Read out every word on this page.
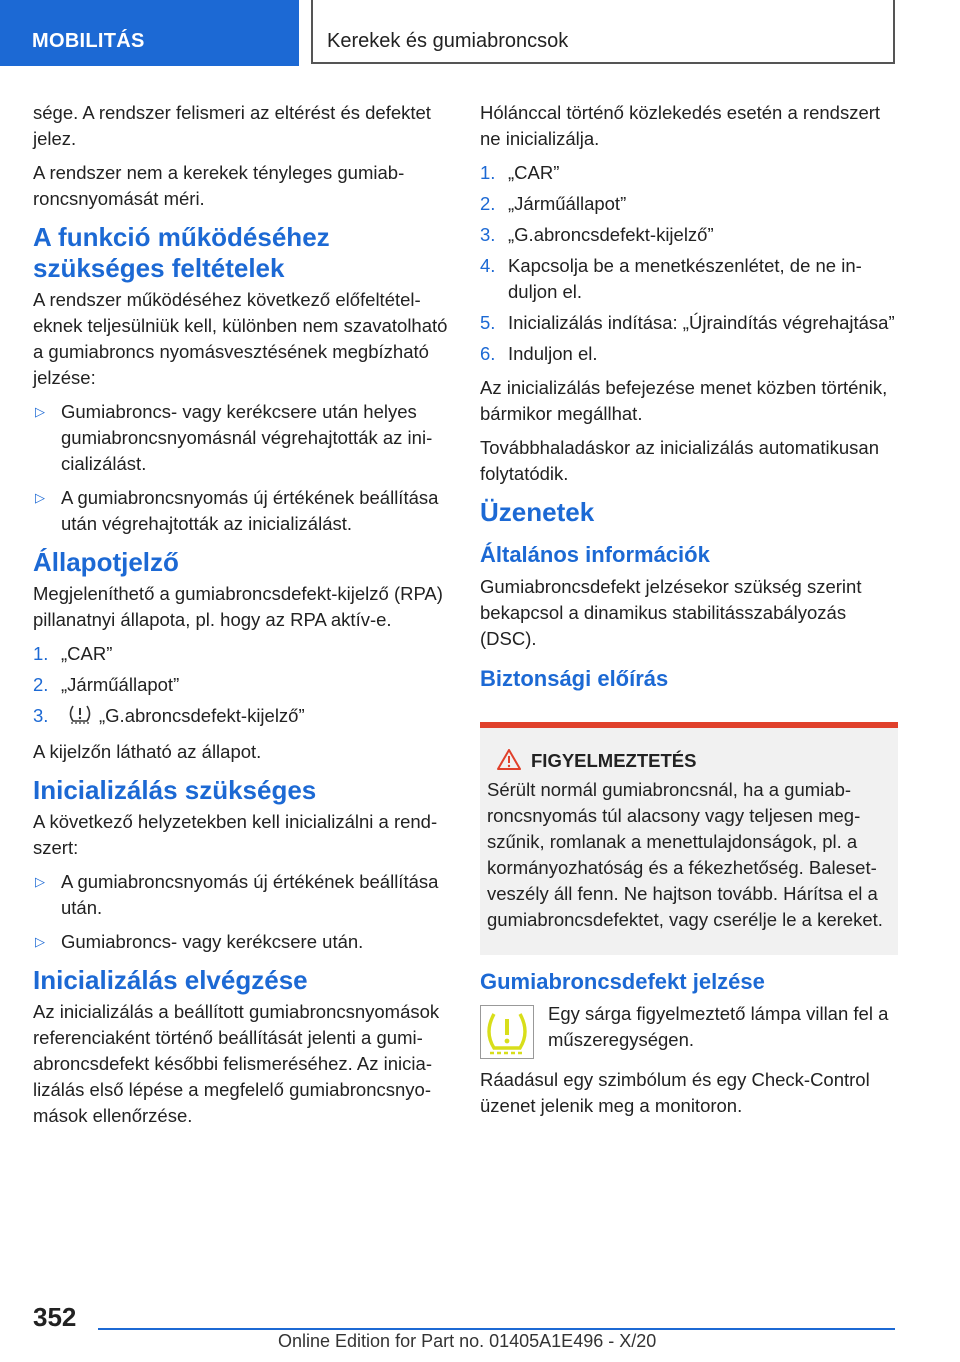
MOBILITÁS	Kerekek és gumiabroncsok

sége. A rendszer felismeri az eltérést és defektet jelez.

A rendszer nem a kerekek tényleges gumiabroncsnyomását méri.

A funkció működéséhez szükséges feltételek

A rendszer működéséhez következő előfeltételeknek teljesülniük kell, különben nem szavatolható a gumiabroncs nyomásvesztésének megbízható jelzése:

▷ Gumiabroncs- vagy kerékcsere után helyes gumiabroncsnyomásnál végrehajtották az inicializálást.
▷ A gumiabroncsnyomás új értékének beállítása után végrehajtották az inicializálást.
Állapotjelző

Megjeleníthető a gumiabroncsdefekt-kijelző (RPA) pillanatnyi állapota, pl. hogy az RPA aktív-e.

1. „CAR”
2. „Járműállapot”
3.	„G.abroncsdefekt-kijelző”

A kijelzőn látható az állapot.

Inicializálás szükséges

A következő helyzetekben kell inicializálni a rendszert:

▷ A gumiabroncsnyomás új értékének beállítása után.
▷ Gumiabroncs- vagy kerékcsere után.
Inicializálás elvégzése

Az inicializálás a beállított gumiabroncsnyomások referenciaként történő beállítását jelenti a gumiabroncsdefekt későbbi felismeréséhez. Az inicializálás első lépése a megfelelő gumiabroncsnyomások ellenőrzése.

Hólánccal történő közlekedés esetén a rendszert ne inicializálja.

1. „CAR”
2. „Járműállapot”
3. „G.abroncsdefekt-kijelző”
4. Kapcsolja be a menetkészenlétet, de ne induljon el.
5. Inicializálás indítása: „Újraindítás végrehajtása”
6. Induljon el.

Az inicializálás befejezése menet közben történik, bármikor megállhat.

Továbbhaladáskor az inicializálás automatikusan folytatódik.

Üzenetek
Általános információk

Gumiabroncsdefekt jelzésekor szükség szerint bekapcsol a dinamikus stabilitásszabályozás (DSC).

Biztonsági előírás
FIGYELMEZTETÉS

Sérült normál gumiabroncsnál, ha a gumiabroncsnyomás túl alacsony vagy teljesen megszűnik, romlanak a menettulajdonságok, pl. a kormányozhatóság és a fékezhetőség. Balesetveszély áll fenn. Ne hajtson tovább. Hárítsa el a gumiabroncsdefektet, vagy cserélje le a kereket.

Gumiabroncsdefekt jelzése

Egy sárga figyelmeztető lámpa villan fel a műszeregységen.

Ráadásul egy szimbólum és egy Check-Control üzenet jelenik meg a monitoron.

352
Online Edition for Part no. 01405A1E496 - X/20
